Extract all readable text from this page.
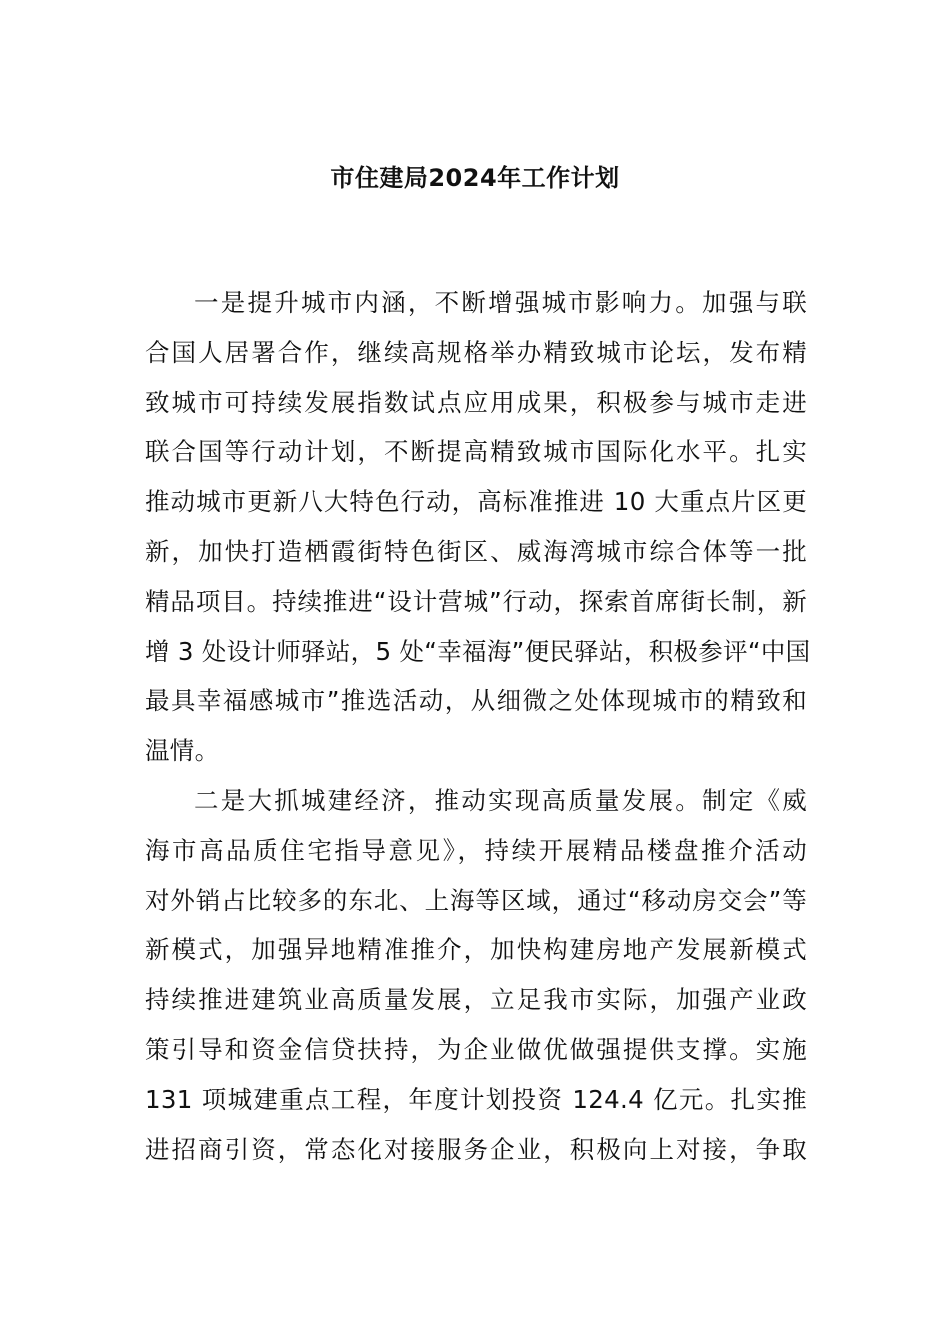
市住建局2024年工作计划
一是提升城市内涵，不断增强城市影响力。加强与联
合国人居署合作，继续高规格举办精致城市论坛，发布精
致城市可持续发展指数试点应用成果，积极参与城市走进
联合国等行动计划，不断提高精致城市国际化水平。扎实
推动城市更新八大特色行动，高标准推进 10 大重点片区更
新，加快打造栖霞街特色街区、威海湾城市综合体等一批
精品项目。持续推进“设计营城”行动，探索首席街长制，新
增 3 处设计师驿站，5 处“幸福海”便民驿站，积极参评“中国
最具幸福感城市”推选活动，从细微之处体现城市的精致和
温情。
二是大抓城建经济，推动实现高质量发展。制定《威
海市高品质住宅指导意见》，持续开展精品楼盘推介活动
对外销占比较多的东北、上海等区域，通过“移动房交会”等
新模式，加强异地精准推介，加快构建房地产发展新模式
持续推进建筑业高质量发展，立足我市实际，加强产业政
策引导和资金信贷扶持，为企业做优做强提供支撑。实施
131 项城建重点工程，年度计划投资 124.4 亿元。扎实推
进招商引资，常态化对接服务企业，积极向上对接，争取
